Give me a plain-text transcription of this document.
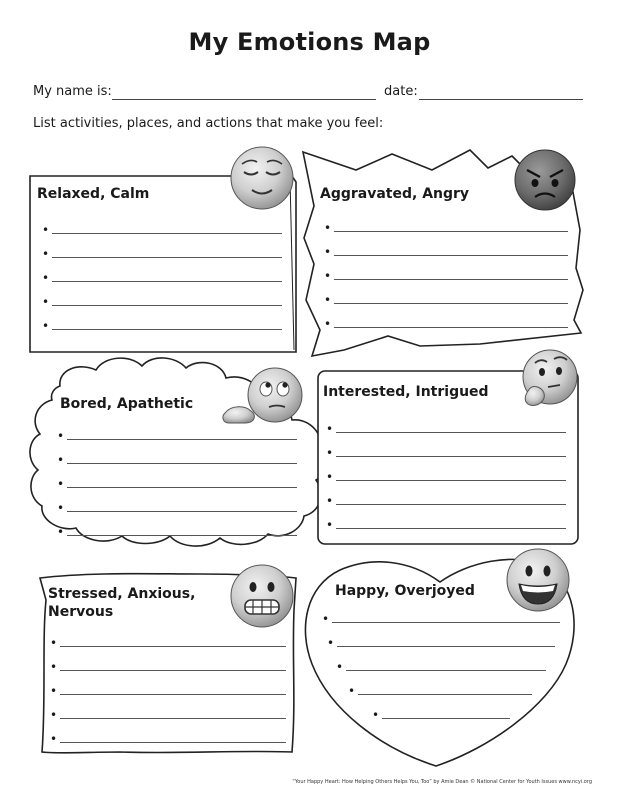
My Emotions Map
My name is:	date:
List activities, places, and actions that make you feel:
Relaxed, Calm
•
•
•
•
•
Aggravated, Angry
•
•
•
•
•
Bored, Apathetic
•
•
•
•
•
Interested, Intrigued
•
•
•
•
•
Stressed, Anxious,
Nervous
•
•
•
•
•
Happy, Overjoyed
•
•
•
•
•
“Your Happy Heart: How Helping Others Helps You, Too” by Amie Dean © National Center for Youth Issues www.ncyi.org
